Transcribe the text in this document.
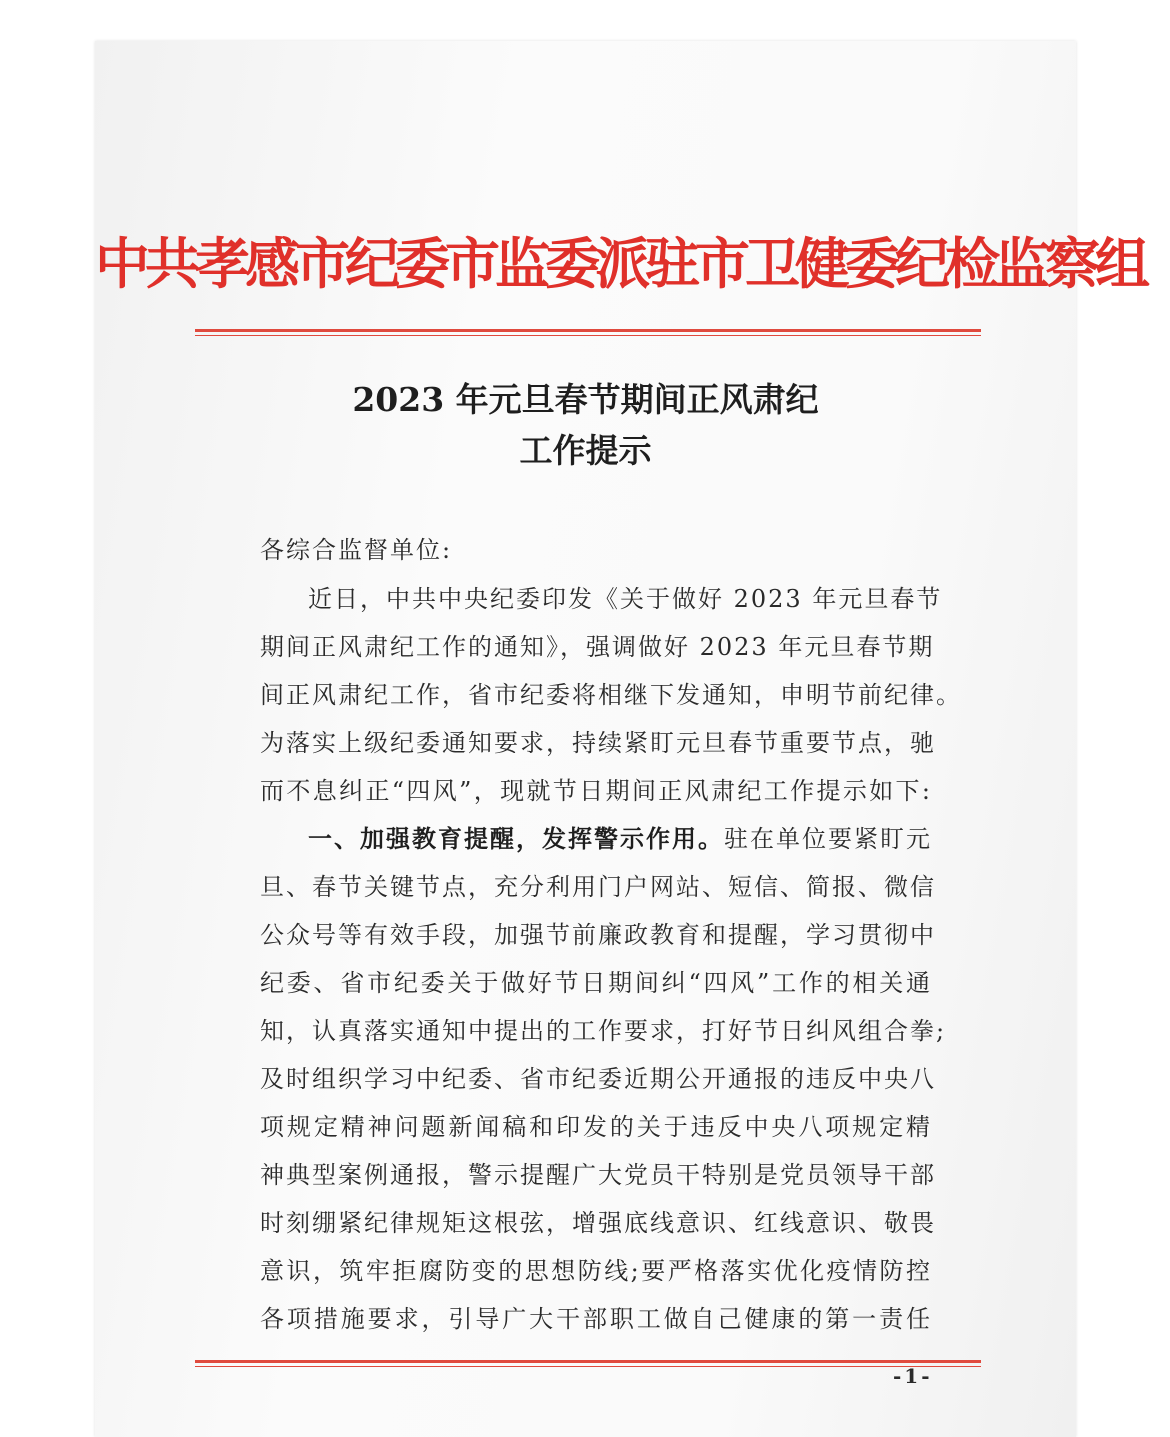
中共孝感市纪委市监委派驻市卫健委纪检监察组
2023 年元旦春节期间正风肃纪
工作提示
各综合监督单位:
近日，中共中央纪委印发《关于做好 2023 年元旦春节
期间正风肃纪工作的通知》，强调做好 2023 年元旦春节期
间正风肃纪工作，省市纪委将相继下发通知，申明节前纪律。
为落实上级纪委通知要求，持续紧盯元旦春节重要节点，驰
而不息纠正“四风”，现就节日期间正风肃纪工作提示如下:
一、加强教育提醒，发挥警示作用。驻在单位要紧盯元
旦、春节关键节点，充分利用门户网站、短信、简报、微信
公众号等有效手段，加强节前廉政教育和提醒，学习贯彻中
纪委、省市纪委关于做好节日期间纠“四风”工作的相关通
知，认真落实通知中提出的工作要求，打好节日纠风组合拳;
及时组织学习中纪委、省市纪委近期公开通报的违反中央八
项规定精神问题新闻稿和印发的关于违反中央八项规定精
神典型案例通报，警示提醒广大党员干特别是党员领导干部
时刻绷紧纪律规矩这根弦，增强底线意识、红线意识、敬畏
意识，筑牢拒腐防变的思想防线;要严格落实优化疫情防控
各项措施要求，引导广大干部职工做自己健康的第一责任
-1-
